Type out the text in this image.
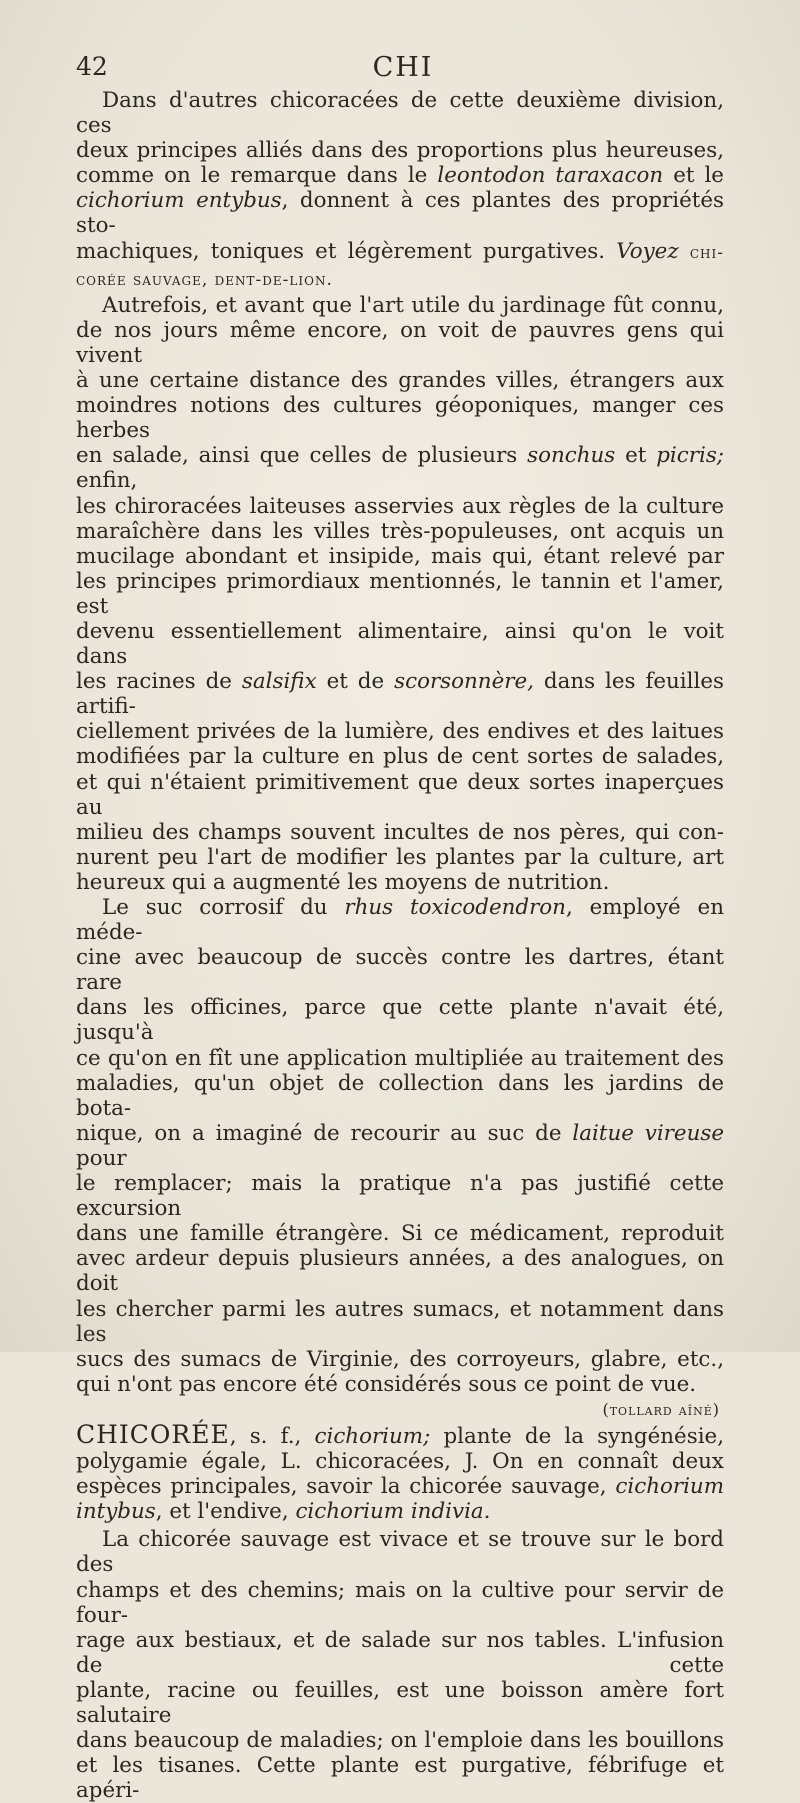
42	CHI

Dans d'autres chicoracées de cette deuxième division, ces

deux principes alliés dans des proportions plus heureuses,

comme on le remarque dans le leontodon taraxacon et le

cichorium entybus, donnent à ces plantes des propriétés sto-

machiques, toniques et légèrement purgatives. Voyez chi-

corée sauvage, dent-de-lion.

Autrefois, et avant que l'art utile du jardinage fût connu,

de nos jours même encore, on voit de pauvres gens qui vivent

à une certaine distance des grandes villes, étrangers aux

moindres notions des cultures géoponiques, manger ces herbes

en salade, ainsi que celles de plusieurs sonchus et picris; enfin,

les chiroracées laiteuses asservies aux règles de la culture

maraîchère dans les villes très-populeuses, ont acquis un

mucilage abondant et insipide, mais qui, étant relevé par

les principes primordiaux mentionnés, le tannin et l'amer, est

devenu essentiellement alimentaire, ainsi qu'on le voit dans

les racines de salsifix et de scorsonnère, dans les feuilles artifi-

ciellement privées de la lumière, des endives et des laitues

modifiées par la culture en plus de cent sortes de salades,

et qui n'étaient primitivement que deux sortes inaperçues au

milieu des champs souvent incultes de nos pères, qui con-

nurent peu l'art de modifier les plantes par la culture, art

heureux qui a augmenté les moyens de nutrition.

Le suc corrosif du rhus toxicodendron, employé en méde-

cine avec beaucoup de succès contre les dartres, étant rare

dans les officines, parce que cette plante n'avait été, jusqu'à

ce qu'on en fît une application multipliée au traitement des

maladies, qu'un objet de collection dans les jardins de bota-

nique, on a imaginé de recourir au suc de laitue vireuse pour

le remplacer; mais la pratique n'a pas justifié cette excursion

dans une famille étrangère. Si ce médicament, reproduit

avec ardeur depuis plusieurs années, a des analogues, on doit

les chercher parmi les autres sumacs, et notamment dans les

sucs des sumacs de Virginie, des corroyeurs, glabre, etc.,

qui n'ont pas encore été considérés sous ce point de vue.

(tollard aîné)

CHICORÉE, s. f., cichorium; plante de la syngénésie,

polygamie égale, L. chicoracées, J. On en connaît deux

espèces principales, savoir la chicorée sauvage, cichorium

intybus, et l'endive, cichorium indivia.

La chicorée sauvage est vivace et se trouve sur le bord des

champs et des chemins; mais on la cultive pour servir de four-

rage aux bestiaux, et de salade sur nos tables. L'infusion de cette

plante, racine ou feuilles, est une boisson amère fort salutaire

dans beaucoup de maladies; on l'emploie dans les bouillons

et les tisanes. Cette plante est purgative, fébrifuge et apéri-
